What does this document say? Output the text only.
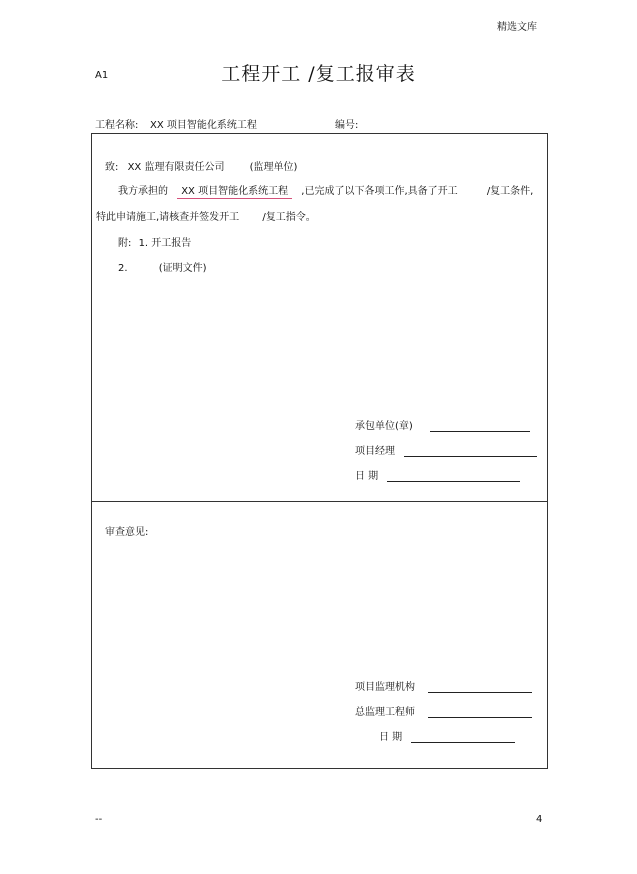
精选文库
A1	工程开工 /复工报审表
工程名称: XX 项目智能化系统工程	编号:
致: XX 监理有限责任公司	(监理单位)
我方承担的 XX 项目智能化系统工程 ,已完成了以下各项工作,具备了开工	/复工条件,
特此申请施工,请核查并签发开工 /复工指令。
附: 1. 开工报告
2.	(证明文件)
承包单位(章)
项目经理
日 期
审查意见:
项目监理机构
总监理工程师
日 期
--	4
